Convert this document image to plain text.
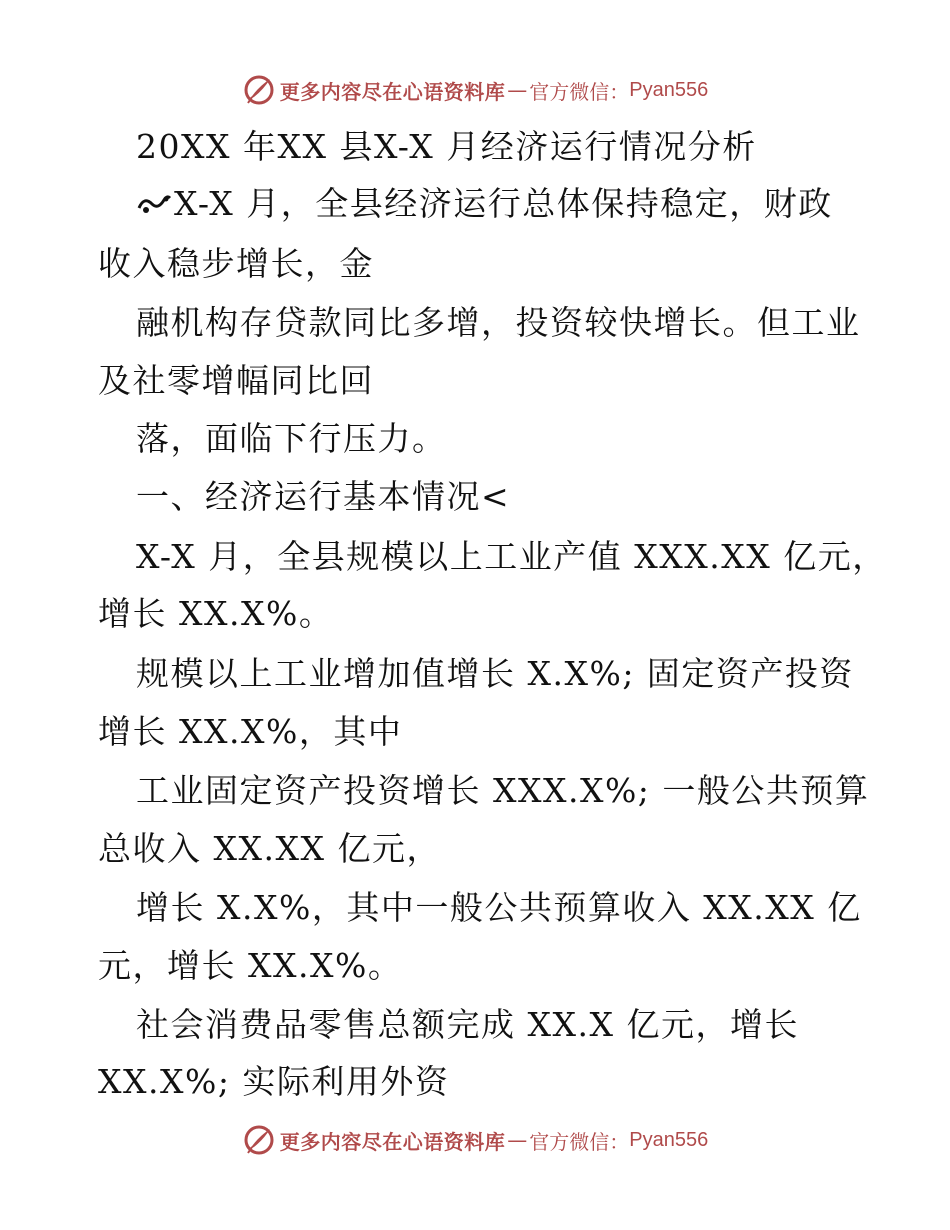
更多内容尽在心语资料库 — 官方微信： Pyan556
20XX 年XX 县X-X 月经济运行情况分析
X-X 月，全县经济运行总体保持稳定，财政
收入稳步增长，金
融机构存贷款同比多增，投资较快增长。但工业
及社零增幅同比回
落，面临下行压力。
一、经济运行基本情况<
X-X 月，全县规模以上工业产值 XXX.XX 亿元，
增长 XX.X%。
规模以上工业增加值增长 X.X%; 固定资产投资
增长 XX.X%，其中
工业固定资产投资增长 XXX.X%; 一般公共预算
总收入 XX.XX 亿元，
增长 X.X%，其中一般公共预算收入 XX.XX 亿
元，增长 XX.X%。
社会消费品零售总额完成 XX.X 亿元，增长
XX.X%; 实际利用外资
更多内容尽在心语资料库 — 官方微信： Pyan556
